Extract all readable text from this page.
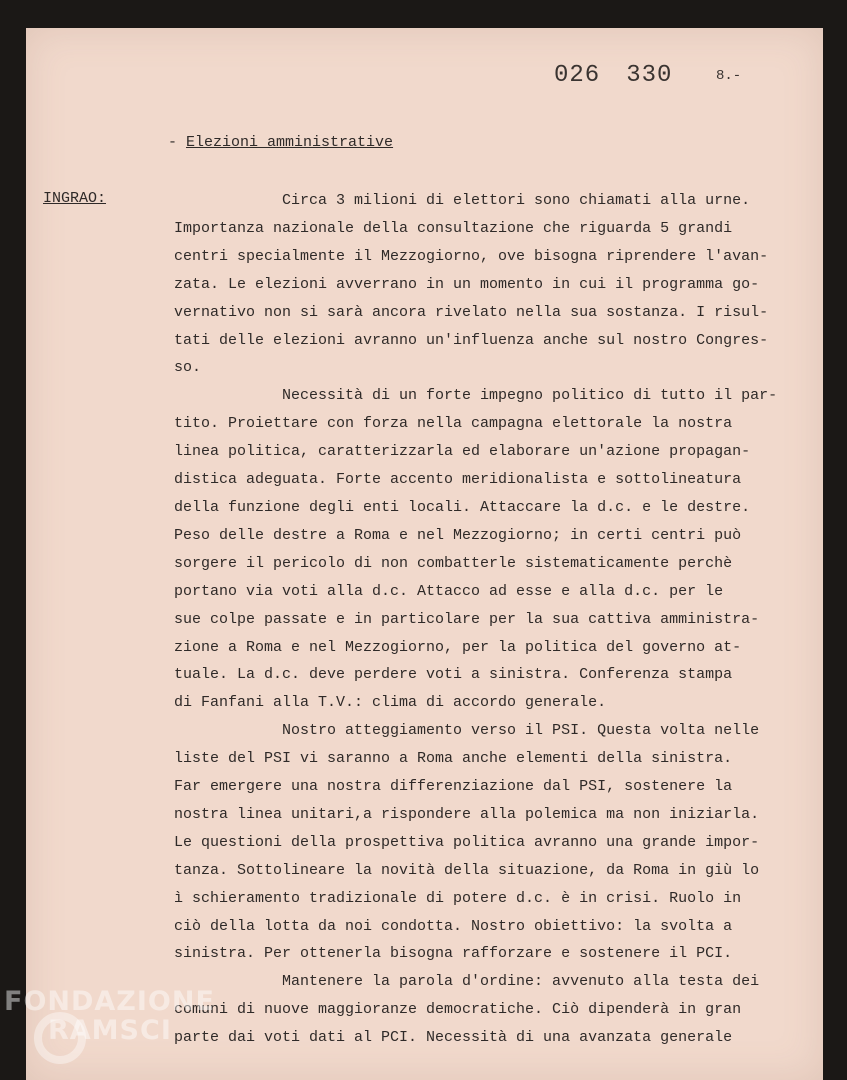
026 330	8.-
- Elezioni amministrative
INGRAO:	Circa 3 milioni di elettori sono chiamati alla urne.
Importanza nazionale della consultazione che riguarda 5 grandi
centri specialmente il Mezzogiorno, ove bisogna riprendere l'avan-
zata. Le elezioni avverrano in un momento in cui il programma go-
vernativo non si sarà ancora rivelato nella sua sostanza. I risul-
tati delle elezioni avranno un'influenza anche sul nostro Congres-
so.
Necessità di un forte impegno politico di tutto il par-
tito. Proiettare con forza nella campagna elettorale la nostra
linea politica, caratterizzarla ed elaborare un'azione propagan-
distica adeguata. Forte accento meridionalista e sottolineatura
della funzione degli enti locali. Attaccare la d.c. e le destre.
Peso delle destre a Roma e nel Mezzogiorno; in certi centri può
sorgere il pericolo di non combatterle sistematicamente perchè
portano via voti alla d.c. Attacco ad esse e alla d.c. per le
sue colpe passate e in particolare per la sua cattiva amministra-
zione a Roma e nel Mezzogiorno, per la politica del governo at-
tuale. La d.c. deve perdere voti a sinistra. Conferenza stampa
di Fanfani alla T.V.: clima di accordo generale.
Nostro atteggiamento verso il PSI. Questa volta nelle
liste del PSI vi saranno a Roma anche elementi della sinistra.
Far emergere una nostra differenziazione dal PSI, sostenere la
nostra linea unitari,a rispondere alla polemica ma non iniziarla.
Le questioni della prospettiva politica avranno una grande impor-
tanza. Sottolineare la novità della situazione, da Roma in giù lo
ì schieramento tradizionale di potere d.c. è in crisi. Ruolo in
ciò della lotta da noi condotta. Nostro obiettivo: la svolta a
sinistra. Per ottenerla bisogna rafforzare e sostenere il PCI.
Mantenere la parola d'ordine: avvenuto alla testa dei
comuni di nuove maggioranze democratiche. Ciò dipenderà in gran
parte dai voti dati al PCI. Necessità di una avanzata generale
FONDAZIONE
RAMSCI
